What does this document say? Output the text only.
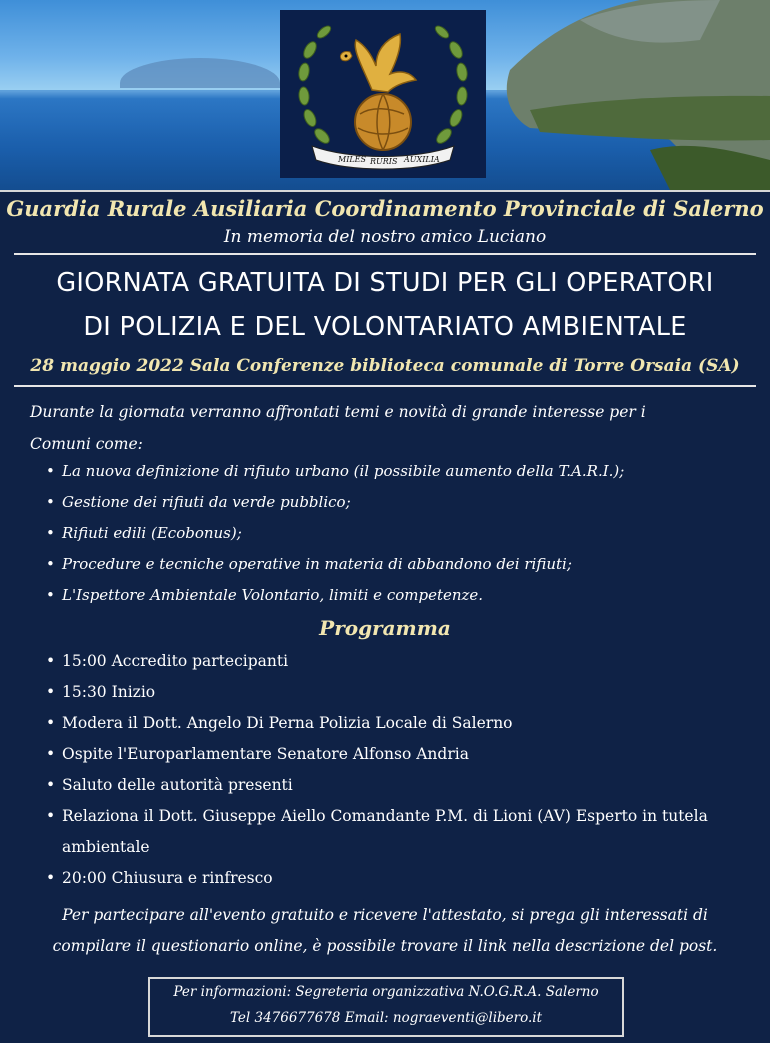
MILES RURIS AUXILIA
Guardia Rurale Ausiliaria Coordinamento Provinciale di Salerno
In memoria del nostro amico Luciano
GIORNATA GRATUITA DI STUDI PER GLI OPERATORI
DI POLIZIA E DEL VOLONTARIATO AMBIENTALE
28 maggio 2022 Sala Conferenze biblioteca comunale di Torre Orsaia (SA)
Durante la giornata verranno affrontati temi e novità di grande interesse per i
Comuni come:
• La nuova definizione di rifiuto urbano (il possibile aumento della T.A.R.I.);
• Gestione dei rifiuti da verde pubblico;
• Rifiuti edili (Ecobonus);
• Procedure e tecniche operative in materia di abbandono dei rifiuti;
• L'Ispettore Ambientale Volontario, limiti e competenze.
Programma
• 15:00 Accredito partecipanti
• 15:30 Inizio
• Modera il Dott. Angelo Di Perna Polizia Locale di Salerno
• Ospite l'Europarlamentare Senatore Alfonso Andria
• Saluto delle autorità presenti
• Relaziona il Dott. Giuseppe Aiello Comandante P.M. di Lioni (AV) Esperto in tutela ambientale
• 20:00 Chiusura e rinfresco
Per partecipare all'evento gratuito e ricevere l'attestato, si prega gli interessati di
compilare il questionario online, è possibile trovare il link nella descrizione del post.
Per informazioni: Segreteria organizzativa N.O.G.R.A. Salerno
Tel 3476677678 Email: nograeventi@libero.it
